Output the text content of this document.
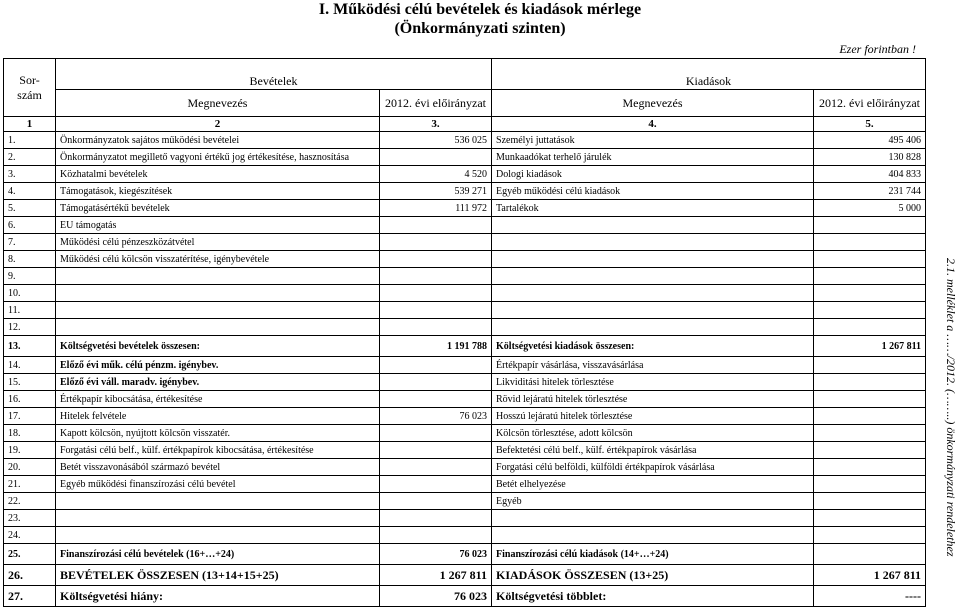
I. Működési célú bevételek és kiadások mérlege
(Önkormányzati szinten)
Ezer forintban !
2.1. melléklet a ……/2012. (……..) önkormányzati rendelethez
Sor-szám	Bevételek		Kiadások	
	Megnevezés	2012. évi előirányzat	Megnevezés	2012. évi előirányzat
1	2	3.	4.	5.
1.	Önkormányzatok sajátos működési bevételei	536 025	Személyi juttatások	495 406
2.	Önkormányzatot megillető vagyoni értékű jog értékesítése, hasznosítása		Munkaadókat terhelő járulék	130 828
3.	Közhatalmi bevételek	4 520	Dologi kiadások	404 833
4.	Támogatások, kiegészítések	539 271	Egyéb működési célú kiadások	231 744
5.	Támogatásértékű bevételek	111 972	Tartalékok	5 000
6.	EU támogatás			
7.	Működési célú pénzeszközátvétel			
8.	Működési célú kölcsön visszatérítése, igénybevétele			
9.				
10.				
11.				
12.				
13.	Költségvetési bevételek összesen:	1 191 788	Költségvetési kiadások összesen:	1 267 811
14.	Előző évi műk. célú pénzm. igénybev.		Értékpapír vásárlása, visszavásárlása	
15.	Előző évi váll. maradv. igénybev.		Likviditási hitelek törlesztése	
16.	Értékpapír kibocsátása, értékesítése		Rövid lejáratú hitelek törlesztése	
17.	Hitelek felvétele	76 023	Hosszú lejáratú hitelek törlesztése	
18.	Kapott kölcsön, nyújtott kölcsön visszatér.		Kölcsön törlesztése, adott kölcsön	
19.	Forgatási célú belf., külf. értékpapírok kibocsátása, értékesítése		Befektetési célú belf., külf. értékpapírok vásárlása	
20.	Betét visszavonásából származó bevétel		Forgatási célú belföldi, külföldi értékpapírok vásárlása	
21.	Egyéb működési finanszírozási célú bevétel		Betét elhelyezése	
22.			Egyéb	
23.				
24.				
25.	Finanszírozási célú bevételek (16+…+24)	76 023	Finanszírozási célú kiadások (14+…+24)	
26.	BEVÉTELEK ÖSSZESEN (13+14+15+25)	1 267 811	KIADÁSOK ÖSSZESEN (13+25)	1 267 811
27.	Költségvetési hiány:	76 023	Költségvetési többlet:	----
